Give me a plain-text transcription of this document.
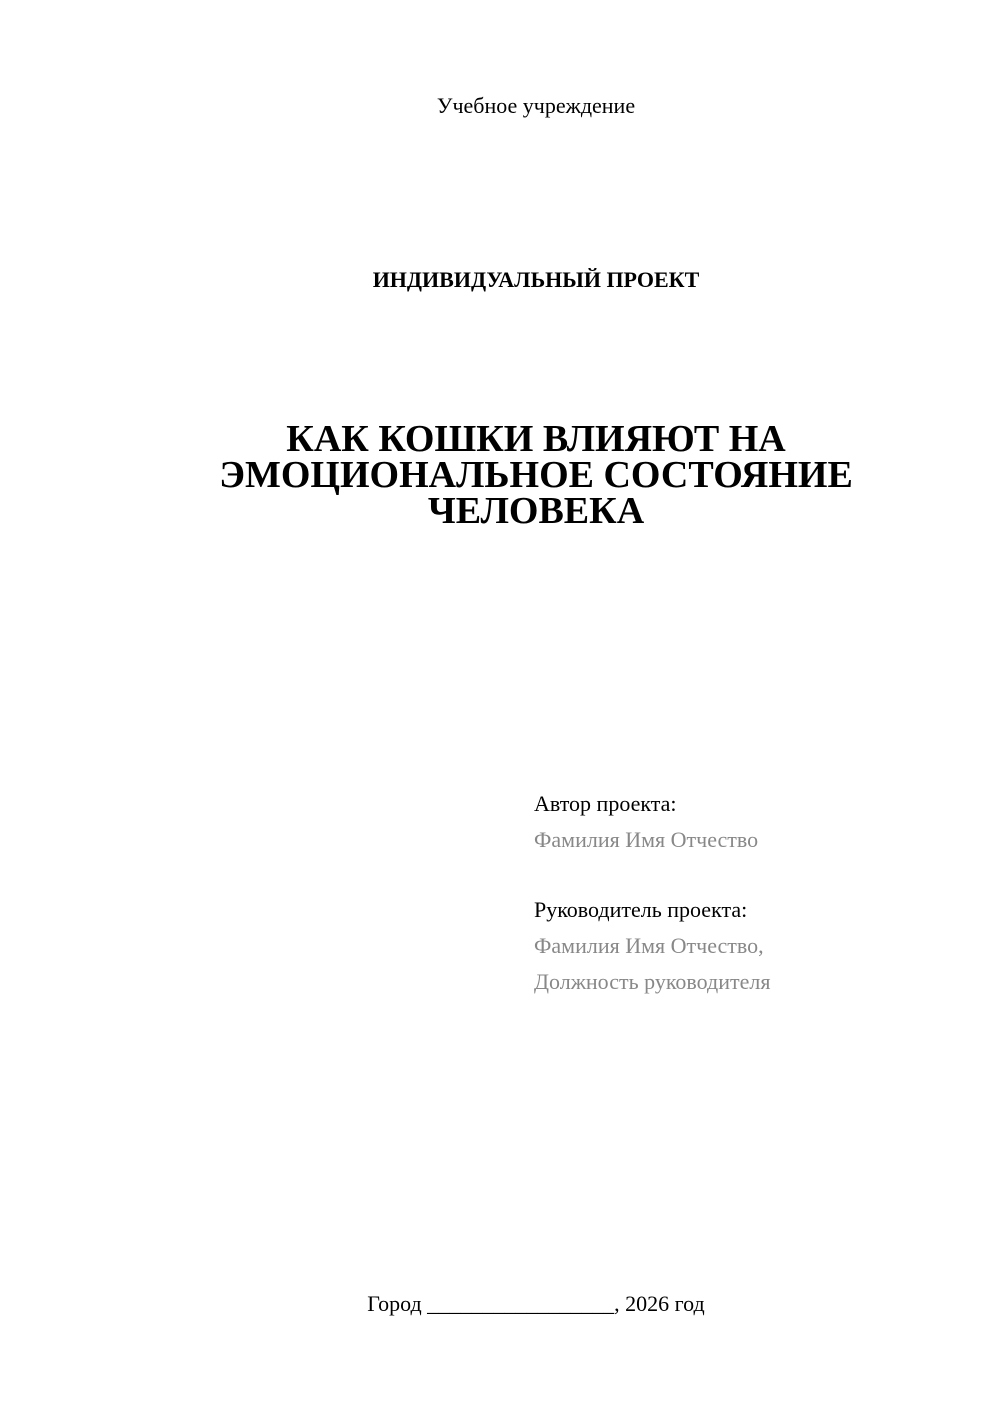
Учебное учреждение
ИНДИВИДУАЛЬНЫЙ ПРОЕКТ
КАК КОШКИ ВЛИЯЮТ НА
ЭМОЦИОНАЛЬНОЕ СОСТОЯНИЕ
ЧЕЛОВЕКА
Автор проекта:
Фамилия Имя Отчество
Руководитель проекта:
Фамилия Имя Отчество,
Должность руководителя
Город _________________, 2026 год
